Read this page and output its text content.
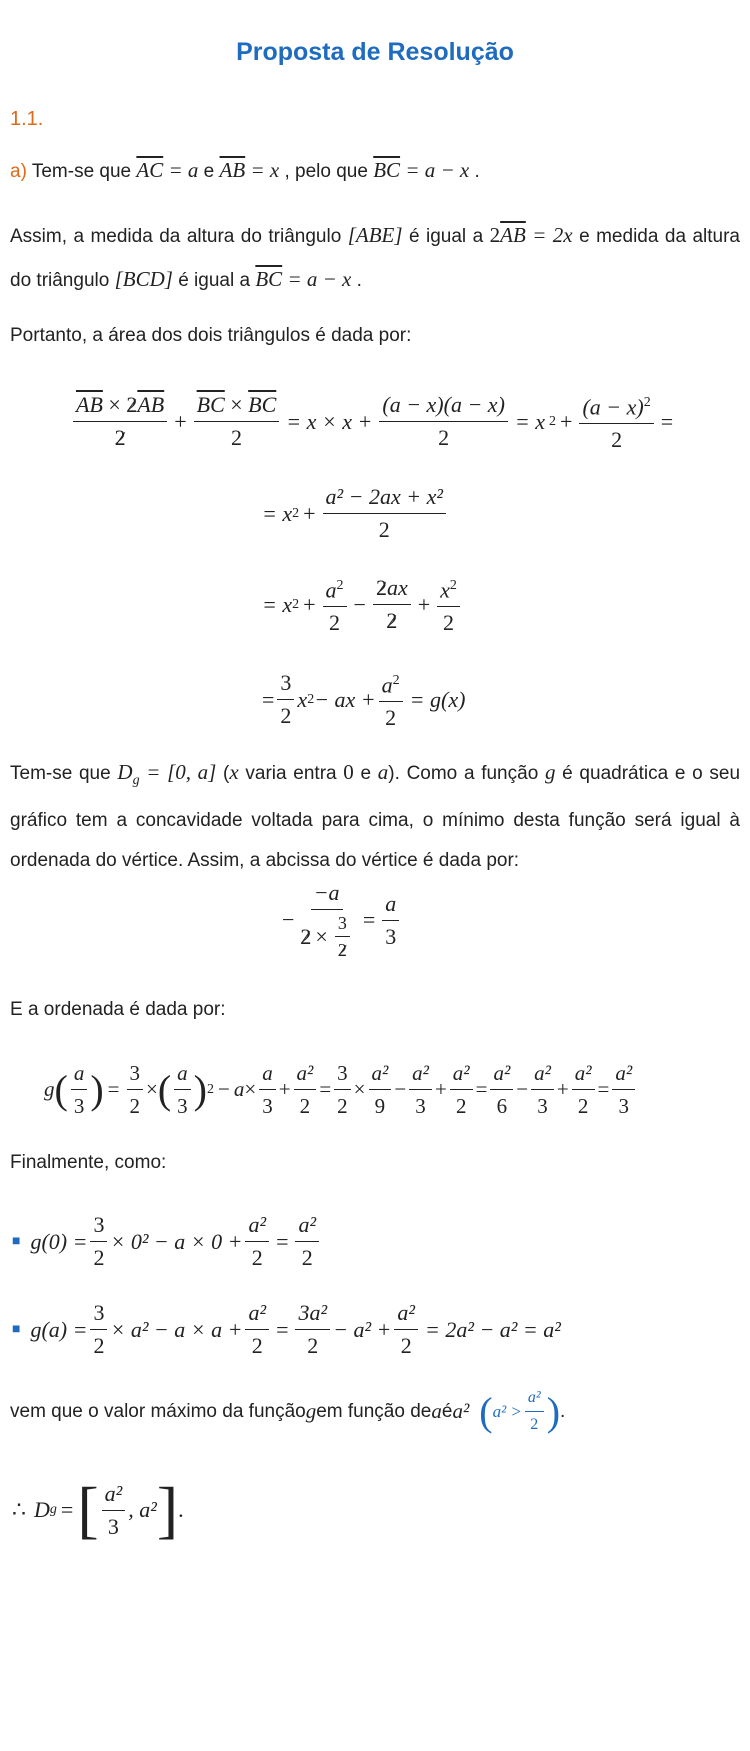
Proposta de Resolução
1.1.
a) Tem-se que $\overline{AC} = a$ e $\overline{AB} = x$ , pelo que $\overline{BC} = a - x$ .
Assim, a medida da altura do triângulo [ABE] é igual a $2\overline{AB} = 2x$ e medida da altura do triângulo [BCD] é igual a $\overline{BC} = a - x$ .
Portanto, a área dos dois triângulos é dada por:
$\frac{\overline{AB} \times 2\overline{AB}}{2} + \frac{\overline{BC} \times \overline{BC}}{2} = x \times x + \frac{(a - x)(a - x)}{2} = x$ $2 + \frac{(a - x)^2}{2}$ =
= x $2 + \frac{\text{a² − 2ax + x²}}{2}$
= x $2 + \frac{a^2}{2} - \frac{2ax}{2} + \frac{x^2}{2}$
= $\frac{3}{2}$ x 2 − ax + $\frac{a^2}{2} = g(x)$
Tem-se que $D_g = [0$, a] (x varia entra 0 e a). Como a função g é quadrática e o seu gráfico tem a concavidade voltada para cima, o mínimo desta função será igual à ordenada do vértice. Assim, a abcissa do vértice é dada por:
− $\frac{-a}{2 \times \frac{3}{2}} = \frac{a}{3}$
E a ordenada é dada por:
g ( $\frac{a}{3}$ ) = $\frac{3}{2}$ × ( $\frac{a}{3}$ ) $2 - a \times \frac{a}{3} + \frac{\text{a²}}{2} = \frac{3}{2} \times \frac{\text{a²}}{9} - \frac{\text{a²}}{3} + \frac{\text{a²}}{2} = \frac{\text{a²}}{6} - \frac{\text{a²}}{3} + \frac{\text{a²}}{2} = \frac{\text{a²}}{3}$
Finalmente, como:
■ $g(0) = \frac{3}{2} \times 0^2 - a \times 0 + \frac{\text{a²}}{2} = \frac{\text{a²}}{2}$
■ $g(a) = \frac{3}{2} \times a^2 - a \times a + \frac{\text{a²}}{2} = \frac{\text{3a²}}{2} - a^2 + \frac{\text{a²}}{2} = 2a^2 - a^2 = a^2$
vem que o valor máximo da função g em função de a é a² ( $a^2 > \frac{\text{a²}}{2}$ ) .
∴ D g = [ $\frac{\text{a²}}{3}$ , a² ] .
